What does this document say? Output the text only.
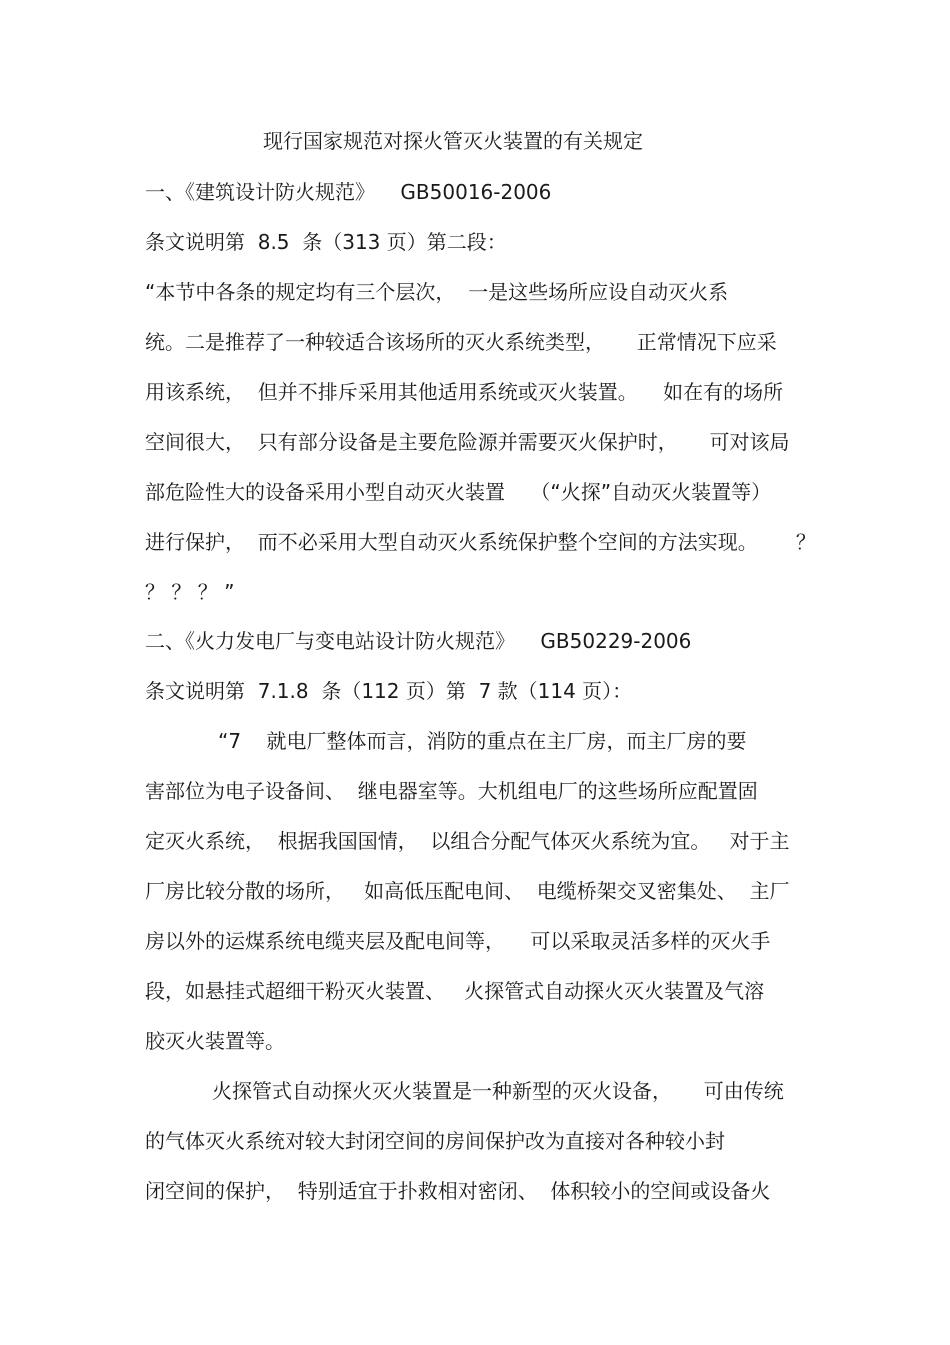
现行国家规范对探火管灭火装置的有关规定
一、《建筑设计防火规范》    GB50016-2006
条文说明第  8.5  条（313 页）第二段：
“本节中各条的规定均有三个层次，  一是这些场所应设自动灭火系
统。二是推荐了一种较适合该场所的灭火系统类型，     正常情况下应采
用该系统，  但并不排斥采用其他适用系统或灭火装置。    如在有的场所
空间很大，  只有部分设备是主要危险源并需要灭火保护时，     可对该局
部危险性大的设备采用小型自动灭火装置    （“火探”自动灭火装置等）
进行保护，  而不必采用大型自动灭火系统保护整个空间的方法实现。      ？
？ ？ ？ ”
二、《火力发电厂与变电站设计防火规范》    GB50229-2006
条文说明第  7.1.8  条（112 页）第  7 款（114 页）：
“7    就电厂整体而言，消防的重点在主厂房，而主厂房的要
害部位为电子设备间、  继电器室等。大机组电厂的这些场所应配置固
定灭火系统，  根据我国国情，  以组合分配气体灭火系统为宜。   对于主
厂房比较分散的场所，   如高低压配电间、  电缆桥架交叉密集处、  主厂
房以外的运煤系统电缆夹层及配电间等，    可以采取灵活多样的灭火手
段，如悬挂式超细干粉灭火装置、   火探管式自动探火灭火装置及气溶
胶灭火装置等。
火探管式自动探火灭火装置是一种新型的灭火设备，     可由传统
的气体灭火系统对较大封闭空间的房间保护改为直接对各种较小封
闭空间的保护，  特别适宜于扑救相对密闭、  体积较小的空间或设备火
